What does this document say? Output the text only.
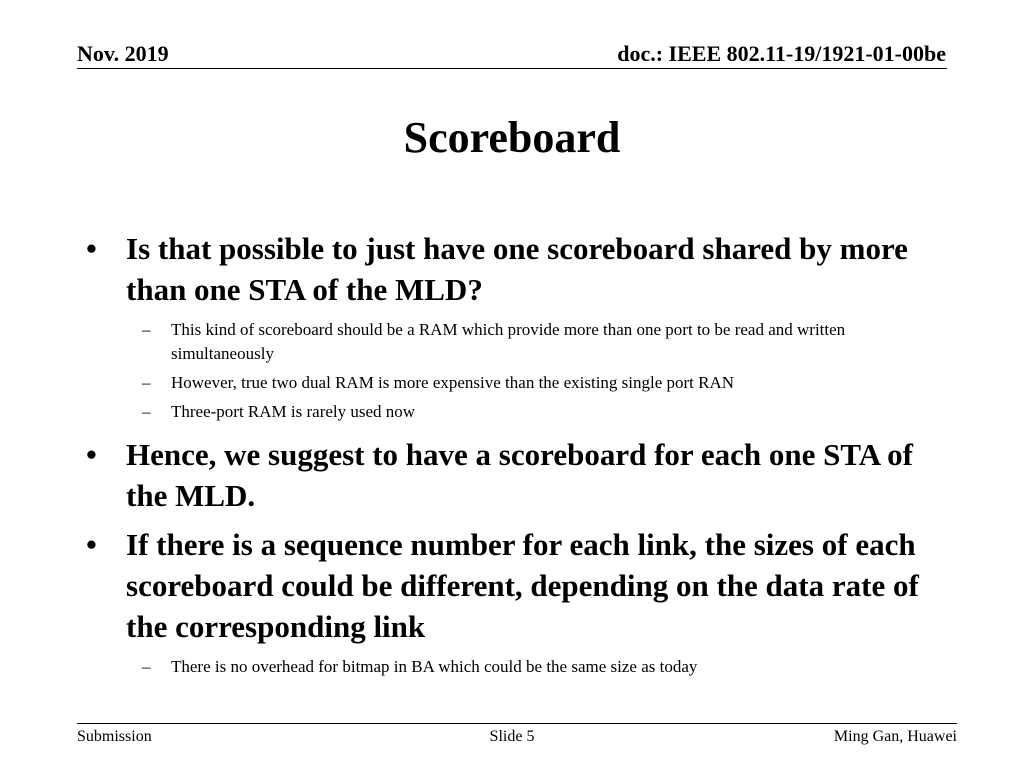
Nov. 2019	doc.: IEEE 802.11-19/1921-01-00be
Scoreboard
• Is that possible to just have one scoreboard shared by more than one STA of the MLD?
– This kind of scoreboard should be a RAM which provide more than one port to be read and written simultaneously
– However, true two dual RAM is more expensive than the existing single port RAN
– Three-port RAM is rarely used now
• Hence, we suggest to have a scoreboard for each one STA of the MLD.
• If there is a sequence number for each link, the sizes of each scoreboard could be different, depending on the data rate of the corresponding link
– There is no overhead for bitmap in BA which could be the same size as today
Submission	Slide 5	Ming Gan, Huawei
